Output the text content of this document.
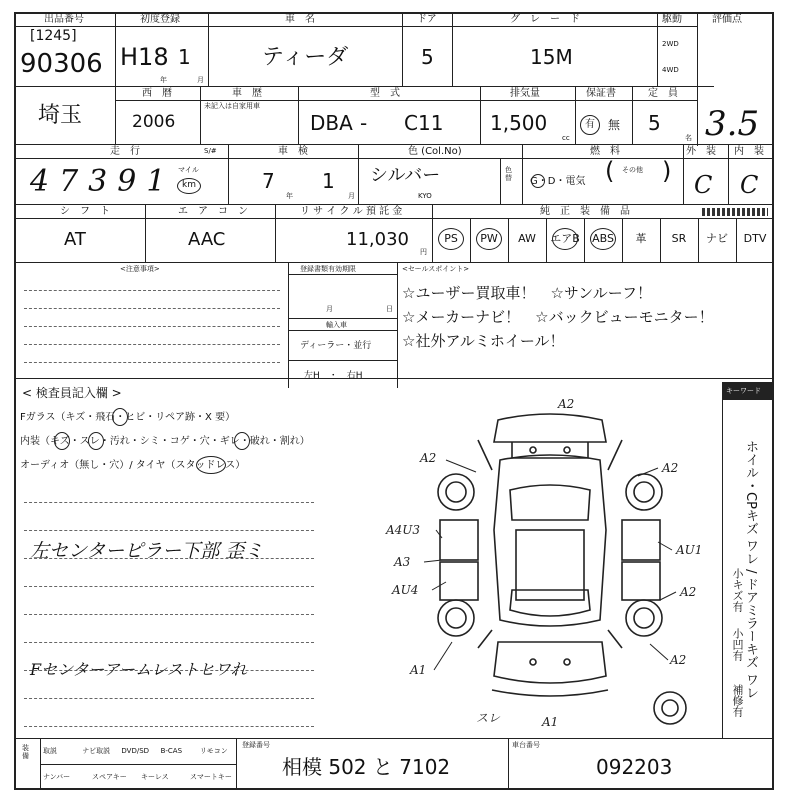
出品番号
[1245]
90306
初度登録
H18 1
年	月
車　名
ティーダ
ドア
5
グ　レ　ー　ド
15M
駆動
2WD
4WD
評価点
3.5
埼玉
西　暦
2006
車　歴
未記入は自家用車
型　式
DBA - C11
排気量
1,500
cc
保証書
有	無
定　員
5
名
走　行	S/#
47391 マイル
km
車　検
7
年
1
月
色 (Col.No)
シルバー
KYO
色替
燃　料
G・D・電気
その他
( )
外　装
C
内　装
C
シ　フ　ト
AT
エ　ア　コ　ン
AAC
リ サ イ ク ル 預 託 金
11,030
円
純　正　装　備　品
PS	PW	AW	エアB	ABS	革	SR	ナビ	DTV
<注意事項>	登録書類有効期限
月	日
輸入車
ディーラー・並行
左H　・　右H
<セールスポイント>
☆ユーザー買取車！　☆サンルーフ！
☆メーカーナビ！　☆バックビューモニター！
☆社外アルミホイール！
< 検査員記入欄 >
Fガラス（キズ・飛石・ヒビ・リペア跡・X 要）
内装（キズ・スレ・汚れ・シミ・コゲ・穴・ギレ・破れ・割れ）
オーディオ（無し・穴）/ タイヤ（スタッドレス）
左センターピラー下部 歪ミ
Fセンターアームレストヒワれ
A2
A2
A2
A4U3
A3
AU4
AU1
A2
A1
A2
スレ	A1
キーワード
ホイル・CPキズ ワレ / ドアミラーキズ ワレ
小キズ有
小凹有
補修有
装備
取説	ナビ取説 DVD/SD B-CAS	リモコン
ナンバー	スペアキー キーレス	スマートキー
登録番号
相模 502 と 7102
車台番号
092203
